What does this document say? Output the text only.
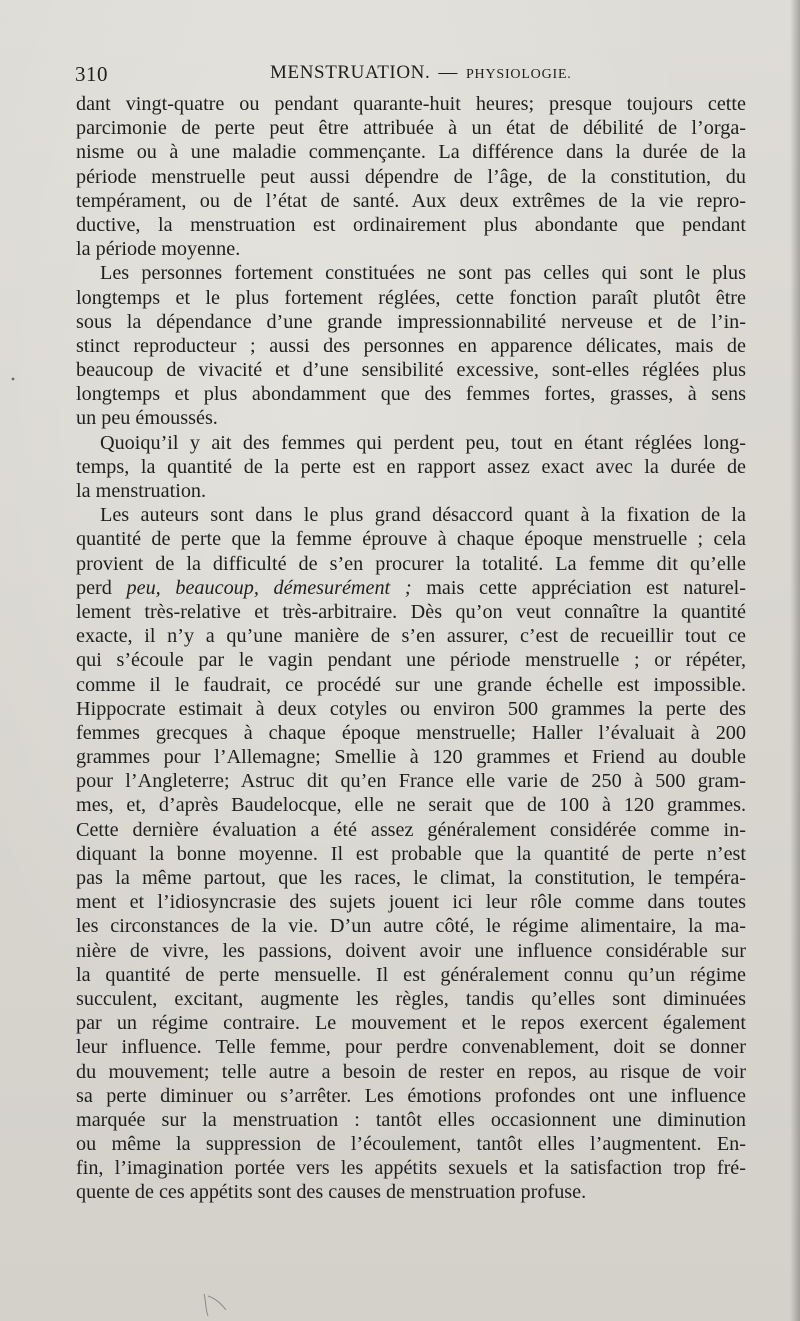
310	MENSTRUATION. — PHYSIOLOGIE.
dant vingt-quatre ou pendant quarante-huit heures; presque toujours cette
parcimonie de perte peut être attribuée à un état de débilité de l’orga-
nisme ou à une maladie commençante. La différence dans la durée de la
période menstruelle peut aussi dépendre de l’âge, de la constitution, du
tempérament, ou de l’état de santé. Aux deux extrêmes de la vie repro-
ductive, la menstruation est ordinairement plus abondante que pendant
la période moyenne.
Les personnes fortement constituées ne sont pas celles qui sont le plus
longtemps et le plus fortement réglées, cette fonction paraît plutôt être
sous la dépendance d’une grande impressionnabilité nerveuse et de l’in-
stinct reproducteur ; aussi des personnes en apparence délicates, mais de
beaucoup de vivacité et d’une sensibilité excessive, sont-elles réglées plus
longtemps et plus abondamment que des femmes fortes, grasses, à sens
un peu émoussés.
Quoiqu’il y ait des femmes qui perdent peu, tout en étant réglées long-
temps, la quantité de la perte est en rapport assez exact avec la durée de
la menstruation.
Les auteurs sont dans le plus grand désaccord quant à la fixation de la
quantité de perte que la femme éprouve à chaque époque menstruelle ; cela
provient de la difficulté de s’en procurer la totalité. La femme dit qu’elle
perd peu, beaucoup, démesurément ; mais cette appréciation est naturel-
lement très-relative et très-arbitraire. Dès qu’on veut connaître la quantité
exacte, il n’y a qu’une manière de s’en assurer, c’est de recueillir tout ce
qui s’écoule par le vagin pendant une période menstruelle ; or répéter,
comme il le faudrait, ce procédé sur une grande échelle est impossible.
Hippocrate estimait à deux cotyles ou environ 500 grammes la perte des
femmes grecques à chaque époque menstruelle; Haller l’évaluait à 200
grammes pour l’Allemagne; Smellie à 120 grammes et Friend au double
pour l’Angleterre; Astruc dit qu’en France elle varie de 250 à 500 gram-
mes, et, d’après Baudelocque, elle ne serait que de 100 à 120 grammes.
Cette dernière évaluation a été assez généralement considérée comme in-
diquant la bonne moyenne. Il est probable que la quantité de perte n’est
pas la même partout, que les races, le climat, la constitution, le tempéra-
ment et l’idiosyncrasie des sujets jouent ici leur rôle comme dans toutes
les circonstances de la vie. D’un autre côté, le régime alimentaire, la ma-
nière de vivre, les passions, doivent avoir une influence considérable sur
la quantité de perte mensuelle. Il est généralement connu qu’un régime
succulent, excitant, augmente les règles, tandis qu’elles sont diminuées
par un régime contraire. Le mouvement et le repos exercent également
leur influence. Telle femme, pour perdre convenablement, doit se donner
du mouvement; telle autre a besoin de rester en repos, au risque de voir
sa perte diminuer ou s’arrêter. Les émotions profondes ont une influence
marquée sur la menstruation : tantôt elles occasionnent une diminution
ou même la suppression de l’écoulement, tantôt elles l’augmentent. En-
fin, l’imagination portée vers les appétits sexuels et la satisfaction trop fré-
quente de ces appétits sont des causes de menstruation profuse.
